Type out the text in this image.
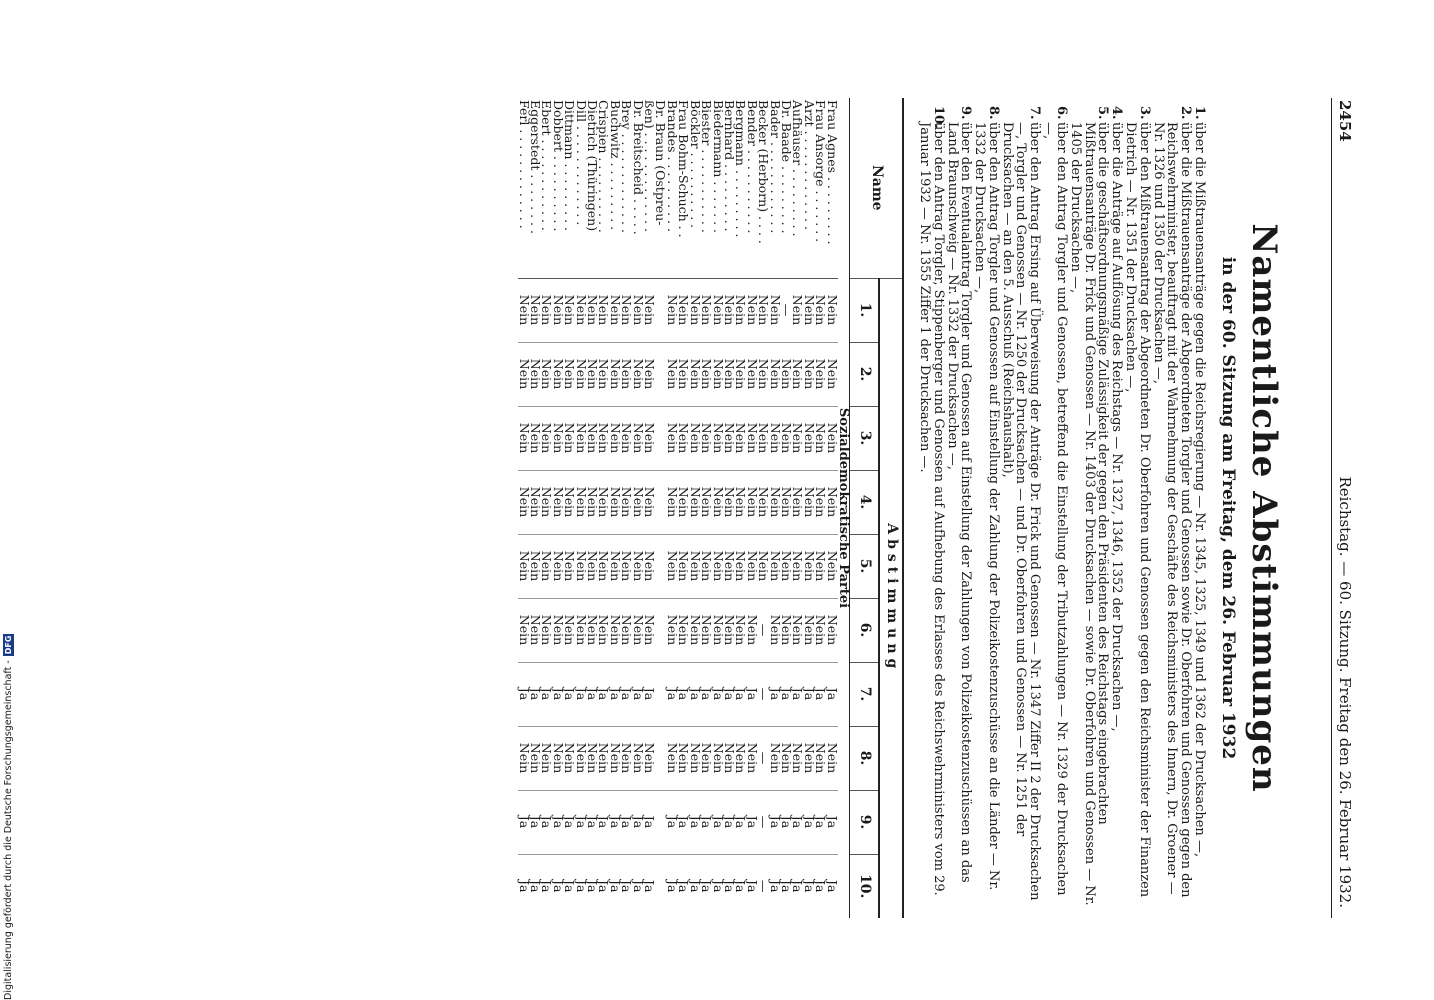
Digitalisierung gefördert durch die Deutsche Forschungsgemeinschaft -
DFG
2454
Reichstag. — 60. Sitzung. Freitag den 26. Februar 1932.
Namentliche Abstimmungen
in der 60. Sitzung am Freitag, dem 26. Februar 1932
1.
über die Mißtrauensanträge gegen die Reichsregierung — Nr. 1345, 1325, 1349 und 1362 der Drucksachen —,
2.
über die Mißtrauensanträge der Abgeordneten Torgler und Genossen sowie Dr. Oberfohren und Genossen gegen den Reichswehrminister, beauftragt mit der Wahrnehmung der Geschäfte des Reichsministers des Innern, Dr. Groener — Nr. 1326 und 1350 der Drucksachen —,
3.
über den Mißtrauensantrag der Abgeordneten Dr. Oberfohren und Genossen gegen den Reichsminister der Finanzen Dietrich — Nr. 1351 der Drucksachen —,
4.
über die Anträge auf Auflösung des Reichstags — Nr. 1327, 1346, 1352 der Drucksachen —,
5.
über die geschäftsordnungsmäßige Zulässigkeit der gegen den Präsidenten des Reichstags eingebrachten Mißtrauensanträge Dr. Frick und Genossen — Nr. 1403 der Drucksachen — sowie Dr. Oberfohren und Genossen — Nr. 1405 der Drucksachen —,
6.
über den Antrag Torgler und Genossen, betreffend die Einstellung der Tributzahlungen — Nr. 1329 der Drucksachen —,
7.
über den Antrag Ersing auf Überweisung der Anträge Dr. Frick und Genossen — Nr. 1347 Ziffer II 2 der Drucksachen —, Torgler und Genossen — Nr. 1250 der Drucksachen — und Dr. Oberfohren und Genossen — Nr. 1251 der Drucksachen — an den 5. Ausschuß (Reichshaushalt),
8.
über den Antrag Torgler und Genossen auf Einstellung der Zahlung der Polizeikostenzuschüsse an die Länder — Nr. 1332 der Drucksachen —,
9.
über den Eventualantrag Torgler und Genossen auf Einstellung der Zahlungen von Polizeikostenzuschüssen an das Land Braunschweig — Nr. 1332 der Drucksachen —,
10.
über den Antrag Torgler, Stippenberger und Genossen auf Aufhebung des Erlasses des Reichswehrministers vom 29. Januar 1932 — Nr. 1355 Ziffer 1 der Drucksachen —.
Name	Abstimmung									
	1.	2.	3.	4.	5.	6.	7.	8.	9.	10.
Sozialdemokratische Partei										
Frau Agnes . . . . . . . . .	Nein	Nein	Nein	Nein	Nein	Nein	Ja	Nein	Ja	Ja
Frau Ansorge . . . . . . .	Nein	Nein	Nein	Nein	Nein	Nein	Ja	Nein	Ja	Ja
Arzt . . . . . . . . . . . . .	Nein	Nein	Nein	Nein	Nein	Nein	Ja	Nein	Ja	Ja
Aufhäuser . . . . . . . . .	Nein	Nein	Nein	Nein	Nein	Nein	Ja	Nein	Ja	Ja
Dr. Baade . . . . . . . . .	—	Nein	Nein	Nein	Nein	Nein	Ja	Nein	Ja	Ja
Bader . . . . . . . . . . . .	Nein	Nein	Nein	Nein	Nein	Nein	Ja	Nein	Ja	Ja
Becker (Herborn) . . . .	Nein	Nein	Nein	Nein	Nein	—	—	—	—	—
Bender . . . . . . . . . . .	Nein	Nein	Nein	Nein	Nein	Nein	Ja	Nein	Ja	Ja
Bergmann . . . . . . . . .	Nein	Nein	Nein	Nein	Nein	Nein	Ja	Nein	Ja	Ja
Bernhard . . . . . . . . .	Nein	Nein	Nein	Nein	Nein	Nein	Ja	Nein	Ja	Ja
Biedermann . . . . . . .	Nein	Nein	Nein	Nein	Nein	Nein	Ja	Nein	Ja	Ja
Biester . . . . . . . . . . .	Nein	Nein	Nein	Nein	Nein	Nein	Ja	Nein	Ja	Ja
Böckler . . . . . . . . . .	Nein	Nein	Nein	Nein	Nein	Nein	Ja	Nein	Ja	Ja
Frau Bohm-Schuch . .	Nein	Nein	Nein	Nein	Nein	Nein	Ja	Nein	Ja	Ja
Brandes . . . . . . . . . .	Nein	Nein	Nein	Nein	Nein	Nein	Ja	Nein	Ja	Ja
Dr. Braun (Ostpreu-										
ßen) . . . . . . . . . . . . .	Nein	Nein	Nein	Nein	Nein	Nein	Ja	Nein	Ja	Ja
Dr. Breitscheid . . . . .	Nein	Nein	Nein	Nein	Nein	Nein	Ja	Nein	Ja	Ja
Brey . . . . . . . . . . . . .	Nein	Nein	Nein	Nein	Nein	Nein	Ja	Nein	Ja	Ja
Buchwitz . . . . . . . . .	Nein	Nein	Nein	Nein	Nein	Nein	Ja	Nein	Ja	Ja
Crispien . . . . . . . . . .	Nein	Nein	Nein	Nein	Nein	Nein	Ja	Nein	Ja	Ja
Dietrich (Thüringen)	Nein	Nein	Nein	Nein	Nein	Nein	Ja	Nein	Ja	Ja
Dill . . . . . . . . . . . . .	Nein	Nein	Nein	Nein	Nein	Nein	Ja	Nein	Ja	Ja
Dittmann . . . . . . . . .	Nein	Nein	Nein	Nein	Nein	Nein	Ja	Nein	Ja	Ja
Dobbert . . . . . . . . . .	Nein	Nein	Nein	Nein	Nein	Nein	Ja	Nein	Ja	Ja
Ebert . . . . . . . . . . . .	Nein	Nein	Nein	Nein	Nein	Nein	Ja	Nein	Ja	Ja
Eggerstedt . . . . . . . .	Nein	Nein	Nein	Nein	Nein	Nein	Ja	Nein	Ja	Ja
Ferl . . . . . . . . . . . . .	Nein	Nein	Nein	Nein	Nein	Nein	Ja	Nein	Ja	Ja
